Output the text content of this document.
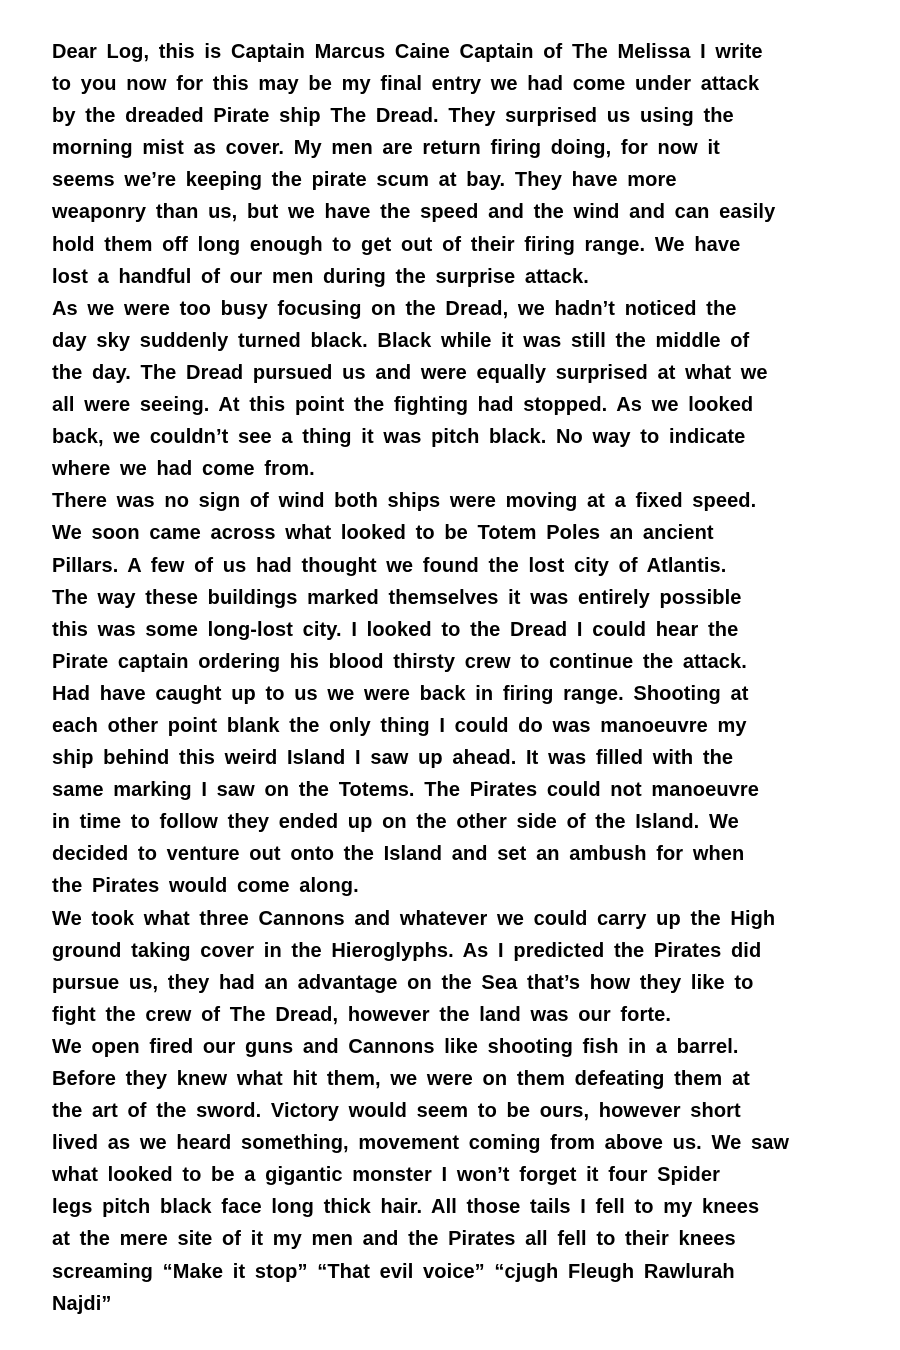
Dear Log, this is Captain Marcus Caine Captain of The Melissa I write
to you now for this may be my final entry we had come under attack
by the dreaded Pirate ship The Dread. They surprised us using the
morning mist as cover. My men are return firing doing, for now it
seems we’re keeping the pirate scum at bay. They have more
weaponry than us, but we have the speed and the wind and can easily
hold them off long enough to get out of their firing range. We have
lost a handful of our men during the surprise attack.
As we were too busy focusing on the Dread, we hadn’t noticed the
day sky suddenly turned black. Black while it was still the middle of
the day. The Dread pursued us and were equally surprised at what we
all were seeing. At this point the fighting had stopped. As we looked
back, we couldn’t see a thing it was pitch black. No way to indicate
where we had come from.
There was no sign of wind both ships were moving at a fixed speed.
We soon came across what looked to be Totem Poles an ancient
Pillars. A few of us had thought we found the lost city of Atlantis.
The way these buildings marked themselves it was entirely possible
this was some long-lost city. I looked to the Dread I could hear the
Pirate captain ordering his blood thirsty crew to continue the attack.
Had have caught up to us we were back in firing range. Shooting at
each other point blank the only thing I could do was manoeuvre my
ship behind this weird Island I saw up ahead. It was filled with the
same marking I saw on the Totems. The Pirates could not manoeuvre
in time to follow they ended up on the other side of the Island. We
decided to venture out onto the Island and set an ambush for when
the Pirates would come along.
We took what three Cannons and whatever we could carry up the High
ground taking cover in the Hieroglyphs. As I predicted the Pirates did
pursue us, they had an advantage on the Sea that’s how they like to
fight the crew of The Dread, however the land was our forte.
We open fired our guns and Cannons like shooting fish in a barrel.
Before they knew what hit them, we were on them defeating them at
the art of the sword. Victory would seem to be ours, however short
lived as we heard something, movement coming from above us. We saw
what looked to be a gigantic monster I won’t forget it four Spider
legs pitch black face long thick hair. All those tails I fell to my knees
at the mere site of it my men and the Pirates all fell to their knees
screaming “Make it stop” “That evil voice” “cjugh Fleugh Rawlurah
Najdi”
